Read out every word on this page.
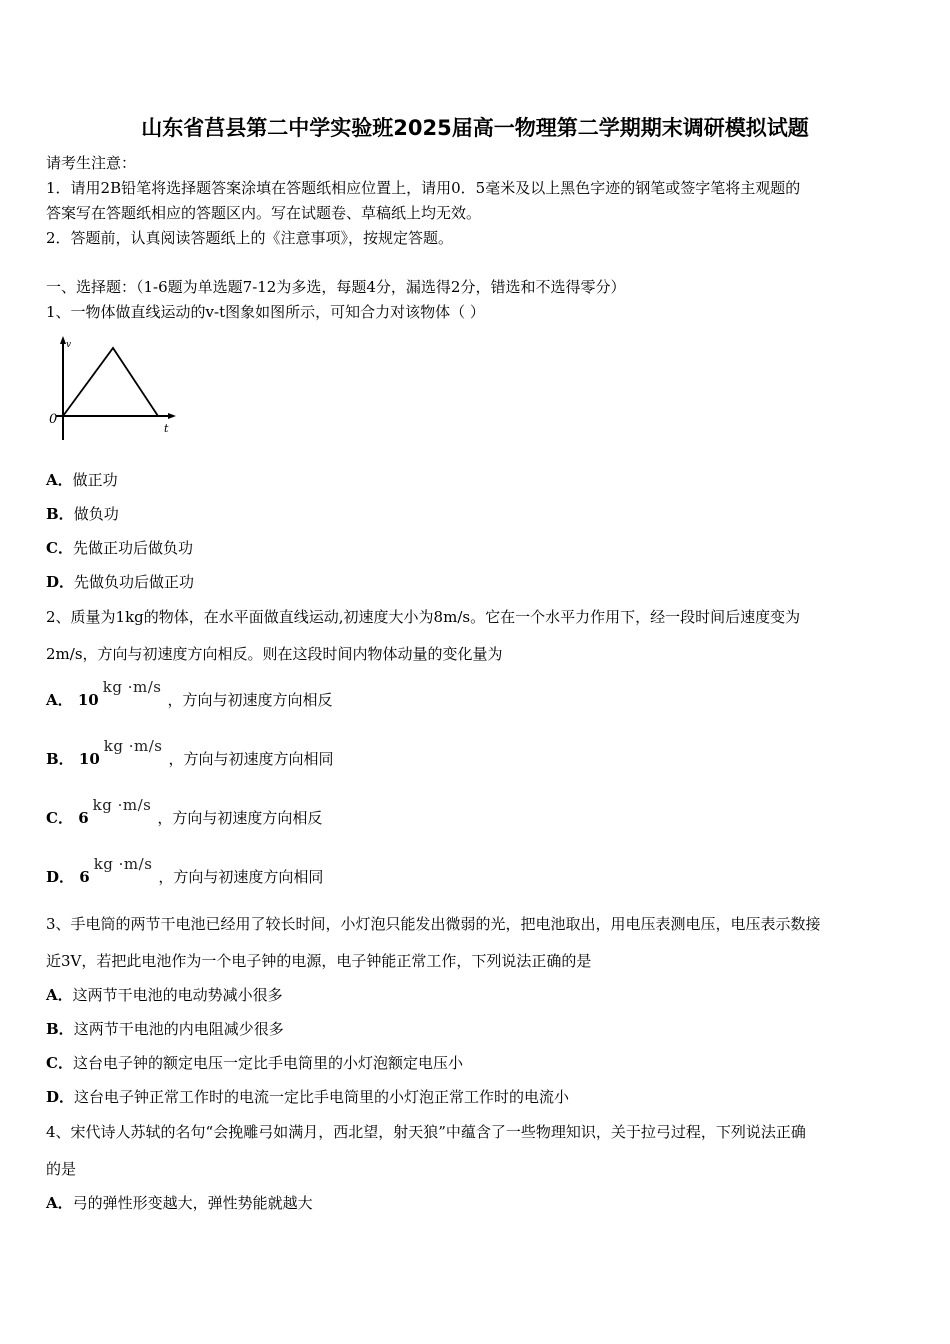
山东省莒县第二中学实验班2025届高一物理第二学期期末调研模拟试题
请考生注意：
1．请用2B铅笔将选择题答案涂填在答题纸相应位置上，请用0．5毫米及以上黑色字迹的钢笔或签字笔将主观题的
答案写在答题纸相应的答题区内。写在试题卷、草稿纸上均无效。
2．答题前，认真阅读答题纸上的《注意事项》，按规定答题。
一、选择题：（1-6题为单选题7-12为多选，每题4分，漏选得2分，错选和不选得零分）
1、一物体做直线运动的v-t图象如图所示，可知合力对该物体（ ）
v
0
t
A．做正功
B．做负功
C．先做正功后做负功
D．先做负功后做正功
2、质量为1kg的物体，在水平面做直线运动,初速度大小为8m/s。它在一个水平力作用下，经一段时间后速度变为
2m/s，方向与初速度方向相反。则在这段时间内物体动量的变化量为
A． 10kg ·m/s，方向与初速度方向相反
B． 10kg ·m/s，方向与初速度方向相同
C． 6kg ·m/s，方向与初速度方向相反
D． 6kg ·m/s，方向与初速度方向相同
3、手电筒的两节干电池已经用了较长时间，小灯泡只能发出微弱的光，把电池取出，用电压表测电压，电压表示数接
近3V，若把此电池作为一个电子钟的电源，电子钟能正常工作，下列说法正确的是
A．这两节干电池的电动势减小很多
B．这两节干电池的内电阻减少很多
C．这台电子钟的额定电压一定比手电筒里的小灯泡额定电压小
D．这台电子钟正常工作时的电流一定比手电筒里的小灯泡正常工作时的电流小
4、宋代诗人苏轼的名句“会挽雕弓如满月，西北望，射天狼”中蕴含了一些物理知识，关于拉弓过程，下列说法正确
的是
A．弓的弹性形变越大，弹性势能就越大
